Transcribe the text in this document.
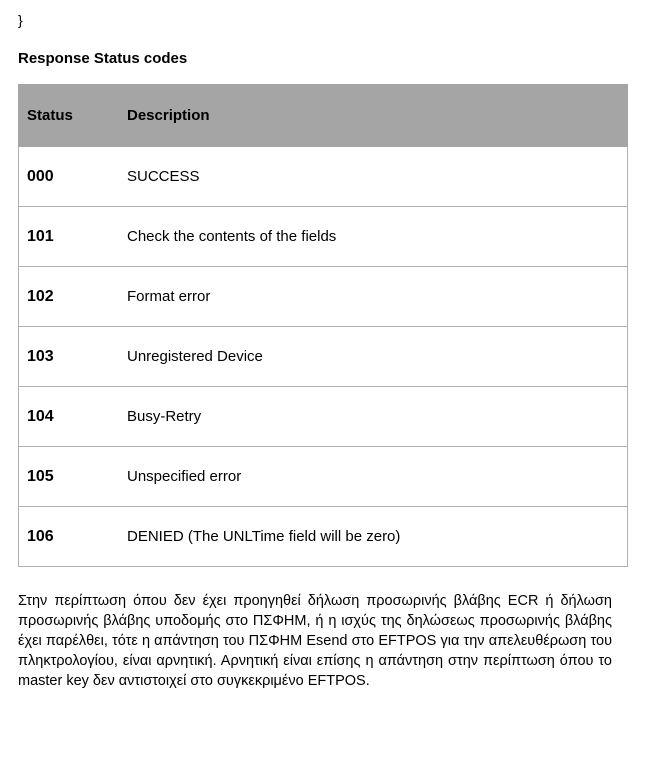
}
Response Status codes
Status	Description
000	SUCCESS
101	Check the contents of the fields
102	Format error
103	Unregistered Device
104	Busy-Retry
105	Unspecified error
106	DENIED (The UNLTime field will be zero)

Στην περίπτωση όπου δεν έχει προηγηθεί δήλωση προσωρινής βλάβης ECR ή δήλωση προσωρινής βλάβης υποδομής στο ΠΣΦΗΜ, ή η ισχύς της δηλώσεως προσωρινής βλάβης έχει παρέλθει, τότε η απάντηση του ΠΣΦΗΜ Esend στο EFTPOS για την απελευθέρωση του πληκτρολογίου, είναι αρνητική. Αρνητική είναι επίσης η απάντηση στην περίπτωση όπου το master key δεν αντιστοιχεί στο συγκεκριμένο EFTPOS.
